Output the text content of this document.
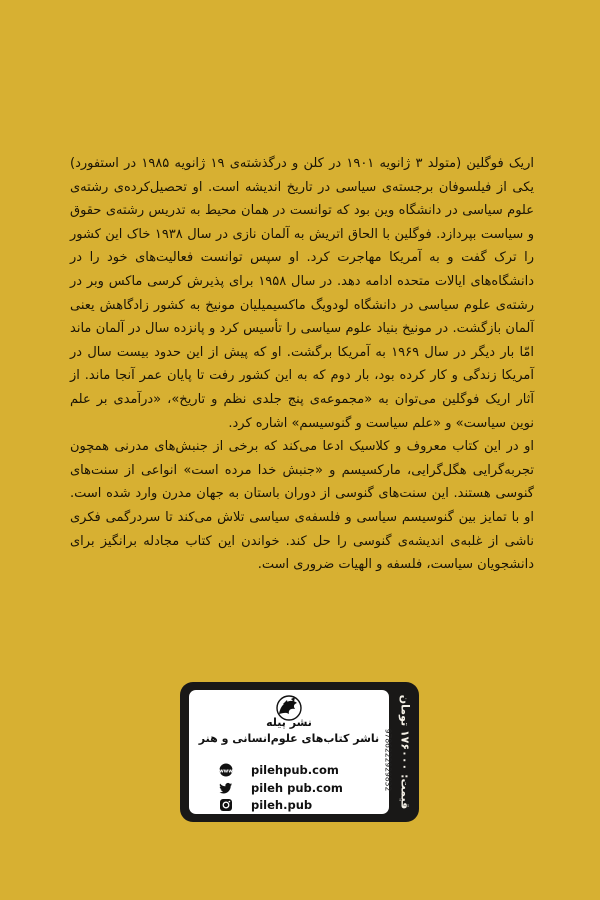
اریک فوگلین (متولد ۳ ژانویه ۱۹۰۱ در کلن و درگذشته‌ی ۱۹ ژانویه ۱۹۸۵ در استفورد) یکی از فیلسوفان برجسته‌ی سیاسی در تاریخ اندیشه است. او تحصیل‌کرده‌ی رشته‌ی علوم سیاسی در دانشگاه وین بود که توانست در همان محیط به تدریس رشته‌ی حقوق و سیاست بپردازد. فوگلین با الحاق اتریش به آلمان نازی در سال ۱۹۳۸ خاک این کشور را ترک گفت و به آمریکا مهاجرت کرد. او سپس توانست فعالیت‌های خود را در دانشگاه‌های ایالات متحده ادامه دهد. در سال ۱۹۵۸ برای پذیرش کرسی ماکس وبر در رشته‌ی علوم سیاسی در دانشگاه لودویگ ماکسیمیلیان مونیخ به کشور زادگاهش یعنی آلمان بازگشت. در مونیخ بنیاد علوم سیاسی را تأسیس کرد و پانزده سال در آلمان ماند امّا بار دیگر در سال ۱۹۶۹ به آمریکا برگشت. او که پیش از این حدود بیست سال در آمریکا زندگی و کار کرده بود، بار دوم که به این کشور رفت تا پایان عمر آنجا ماند. از آثار اریک فوگلین می‌توان به «مجموعه‌ی پنج جلدی نظم و تاریخ»، «درآمدی بر علم نوین سیاست» و «علم سیاست و گنوسیسم» اشاره کرد.

او در این کتاب معروف و کلاسیک ادعا می‌کند که برخی از جنبش‌های مدرنی همچون تجربه‌گرایی هگل‌گرایی، مارکسیسم و «جنبش خدا مرده است» انواعی از سنت‌های گنوسی هستند. این سنت‌های گنوسی از دوران باستان به جهان مدرن وارد شده است. او با تمایز بین گنوسیسم سیاسی و فلسفه‌ی سیاسی تلاش می‌کند تا سردرگمی فکری ناشی از غلبه‌ی اندیشه‌ی گنوسی را حل کند. خواندن این کتاب مجادله برانگیز برای دانشجویان سیاست، فلسفه و الهیات ضروری است.

نشر پیله
ناشر کتاب‌های علوم‌انسانی و هنر
www pilehpub.com
pileh pub.com
pileh.pub
9786222929832
قیمت: ۱۷۶۰۰۰ تومان
